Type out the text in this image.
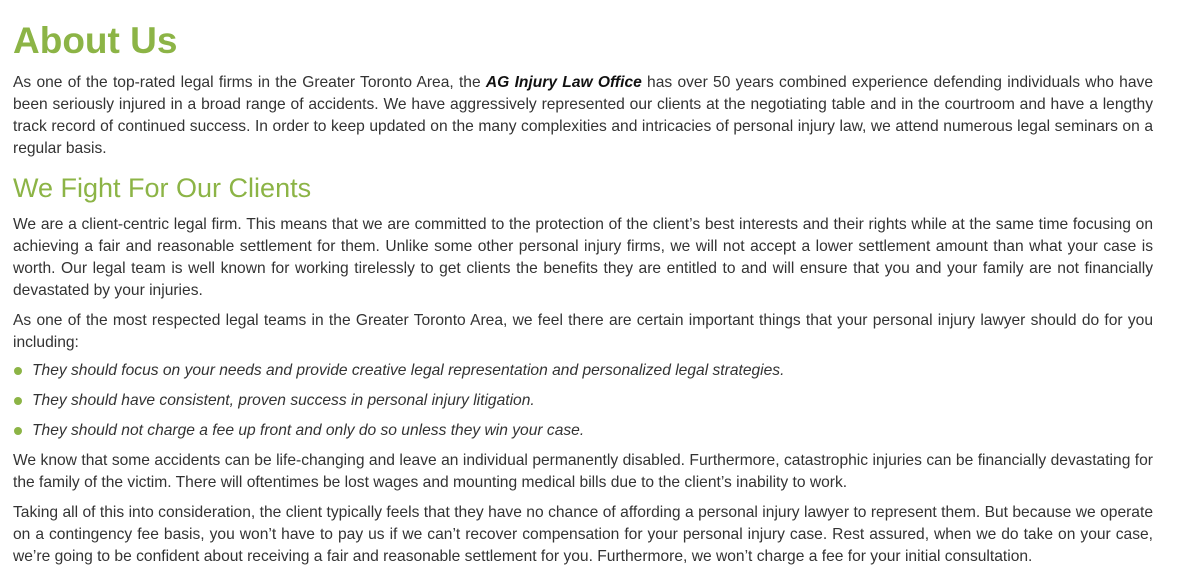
About Us

As one of the top-rated legal firms in the Greater Toronto Area, the AG Injury Law Office has over 50 years combined experience defending individuals who have been seriously injured in a broad range of accidents. We have aggressively represented our clients at the negotiating table and in the courtroom and have a lengthy track record of continued success. In order to keep updated on the many complexities and intricacies of personal injury law, we attend numerous legal seminars on a regular basis.

We Fight For Our Clients

We are a client-centric legal firm. This means that we are committed to the protection of the client’s best interests and their rights while at the same time focusing on achieving a fair and reasonable settlement for them. Unlike some other personal injury firms, we will not accept a lower settlement amount than what your case is worth. Our legal team is well known for working tirelessly to get clients the benefits they are entitled to and will ensure that you and your family are not financially devastated by your injuries.

As one of the most respected legal teams in the Greater Toronto Area, we feel there are certain important things that your personal injury lawyer should do for you including:

They should focus on your needs and provide creative legal representation and personalized legal strategies.
They should have consistent, proven success in personal injury litigation.
They should not charge a fee up front and only do so unless they win your case.

We know that some accidents can be life-changing and leave an individual permanently disabled. Furthermore, catastrophic injuries can be financially devastating for the family of the victim. There will oftentimes be lost wages and mounting medical bills due to the client’s inability to work.

Taking all of this into consideration, the client typically feels that they have no chance of affording a personal injury lawyer to represent them. But because we operate on a contingency fee basis, you won’t have to pay us if we can’t recover compensation for your personal injury case. Rest assured, when we do take on your case, we’re going to be confident about receiving a fair and reasonable settlement for you. Furthermore, we won’t charge a fee for your initial consultation.
